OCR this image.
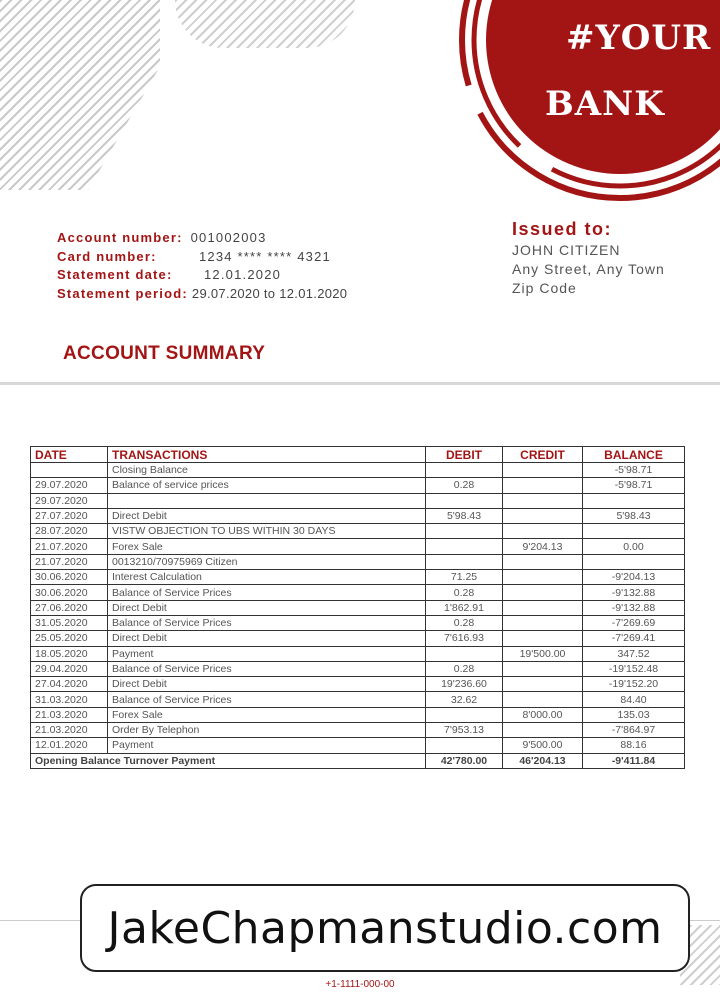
#YOUR
BANK
Account number: 001002003
Card number:	1234 **** **** 4321
Statement date:	12.01.2020
Statement period: 29.07.2020 to 12.01.2020
Issued to:
JOHN CITIZEN
Any Street, Any Town
Zip Code
ACCOUNT SUMMARY
DATE	TRANSACTIONS	DEBIT	CREDIT	BALANCE
	Closing Balance			-5'98.71
29.07.2020	Balance of service prices	0.28		-5'98.71
29.07.2020				
27.07.2020	Direct Debit	5'98.43		5'98.43
28.07.2020	VISTW OBJECTION TO UBS WITHIN 30 DAYS			
21.07.2020	Forex Sale		9'204.13	0.00
21.07.2020	0013210/70975969 Citizen			
30.06.2020	Interest Calculation	71.25		-9'204.13
30.06.2020	Balance of Service Prices	0.28		-9'132.88
27.06.2020	Direct Debit	1'862.91		-9'132.88
31.05.2020	Balance of Service Prices	0.28		-7'269.69
25.05.2020	Direct Debit	7'616.93		-7'269.41
18.05.2020	Payment		19'500.00	347.52
29.04.2020	Balance of Service Prices	0.28		-19'152.48
27.04.2020	Direct Debit	19'236.60		-19'152.20
31.03.2020	Balance of Service Prices	32.62		84.40
21.03.2020	Forex Sale		8'000.00	135.03
21.03.2020	Order By Telephon	7'953.13		-7'864.97
12.01.2020	Payment		9'500.00	88.16
Opening Balance Turnover Payment		42'780.00	46'204.13	-9'411.84
JakeChapmanstudio.com
+1-1111-000-00
